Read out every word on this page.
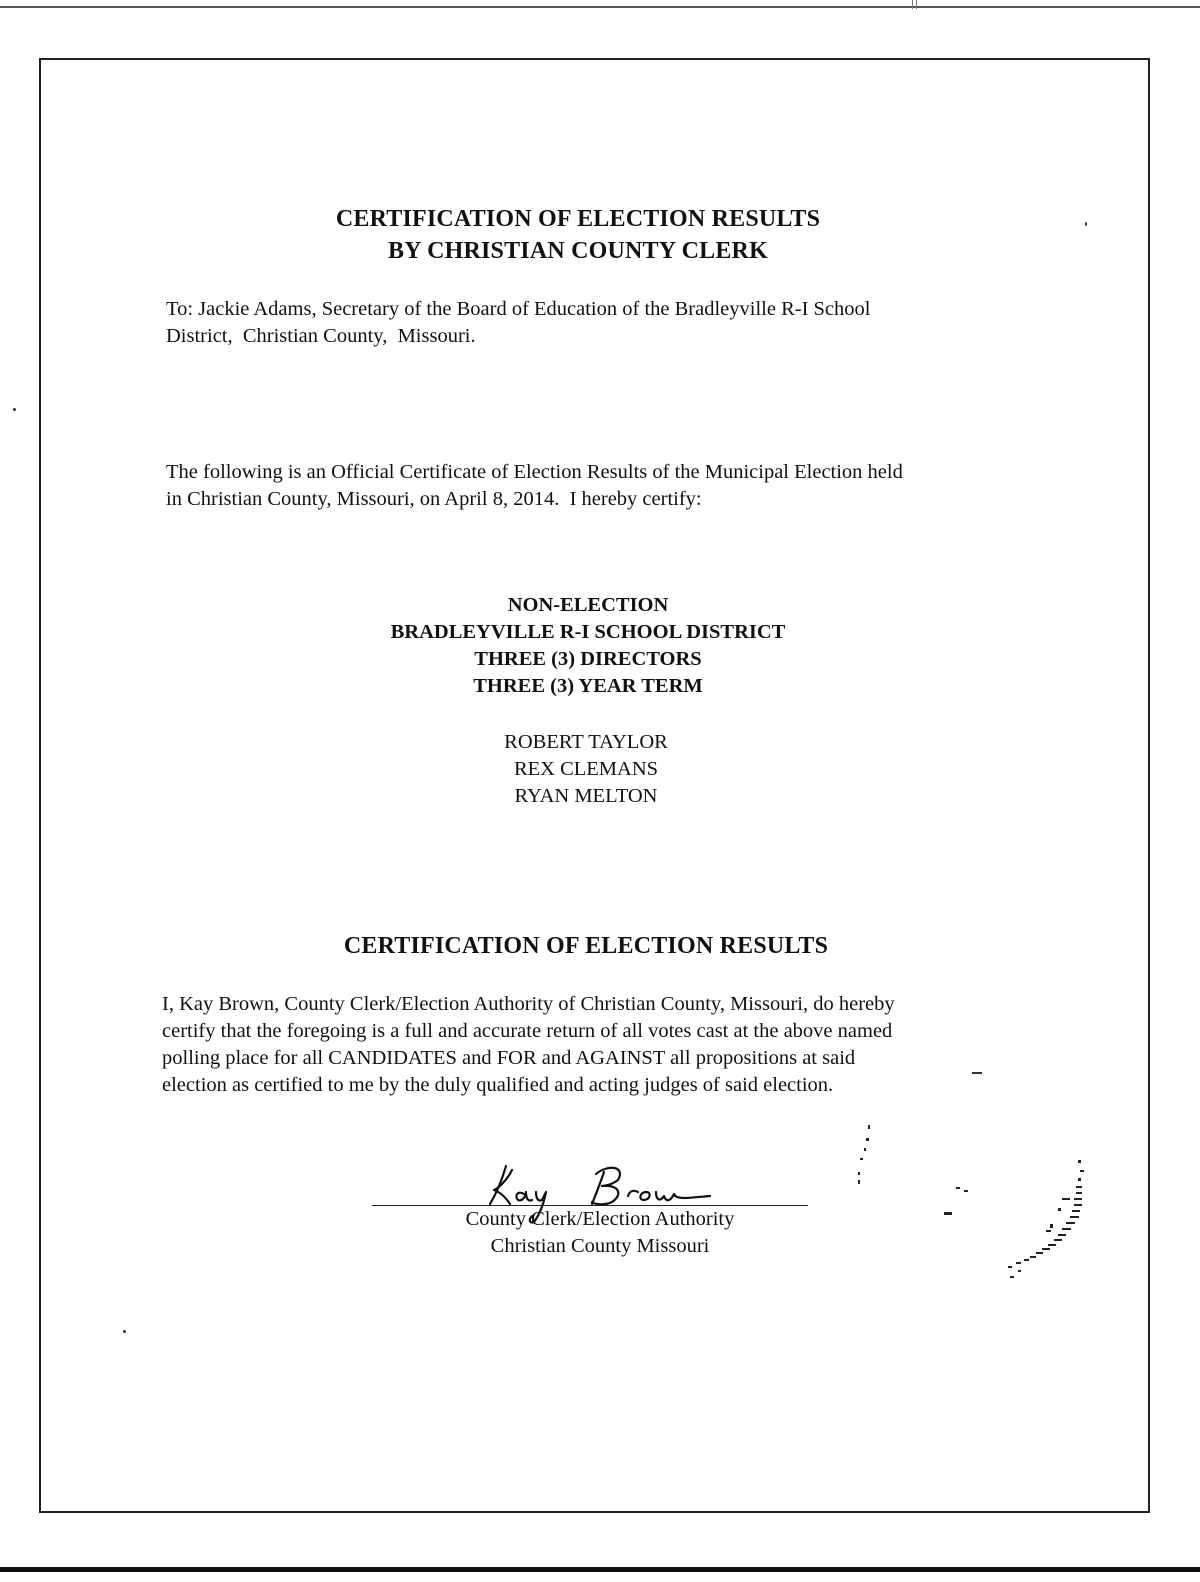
CERTIFICATION OF ELECTION RESULTS
BY CHRISTIAN COUNTY CLERK
To: Jackie Adams, Secretary of the Board of Education of the Bradleyville R-I School
District,  Christian County,  Missouri.
The following is an Official Certificate of Election Results of the Municipal Election held
in Christian County, Missouri, on April 8, 2014.  I hereby certify:
NON-ELECTION
BRADLEYVILLE R-I SCHOOL DISTRICT
THREE (3) DIRECTORS
THREE (3) YEAR TERM
ROBERT TAYLOR
REX CLEMANS
RYAN MELTON
CERTIFICATION OF ELECTION RESULTS
I, Kay Brown, County Clerk/Election Authority of Christian County, Missouri, do hereby
certify that the foregoing is a full and accurate return of all votes cast at the above named
polling place for all CANDIDATES and FOR and AGAINST all propositions at said
election as certified to me by the duly qualified and acting judges of said election.
County Clerk/Election Authority
Christian County Missouri
